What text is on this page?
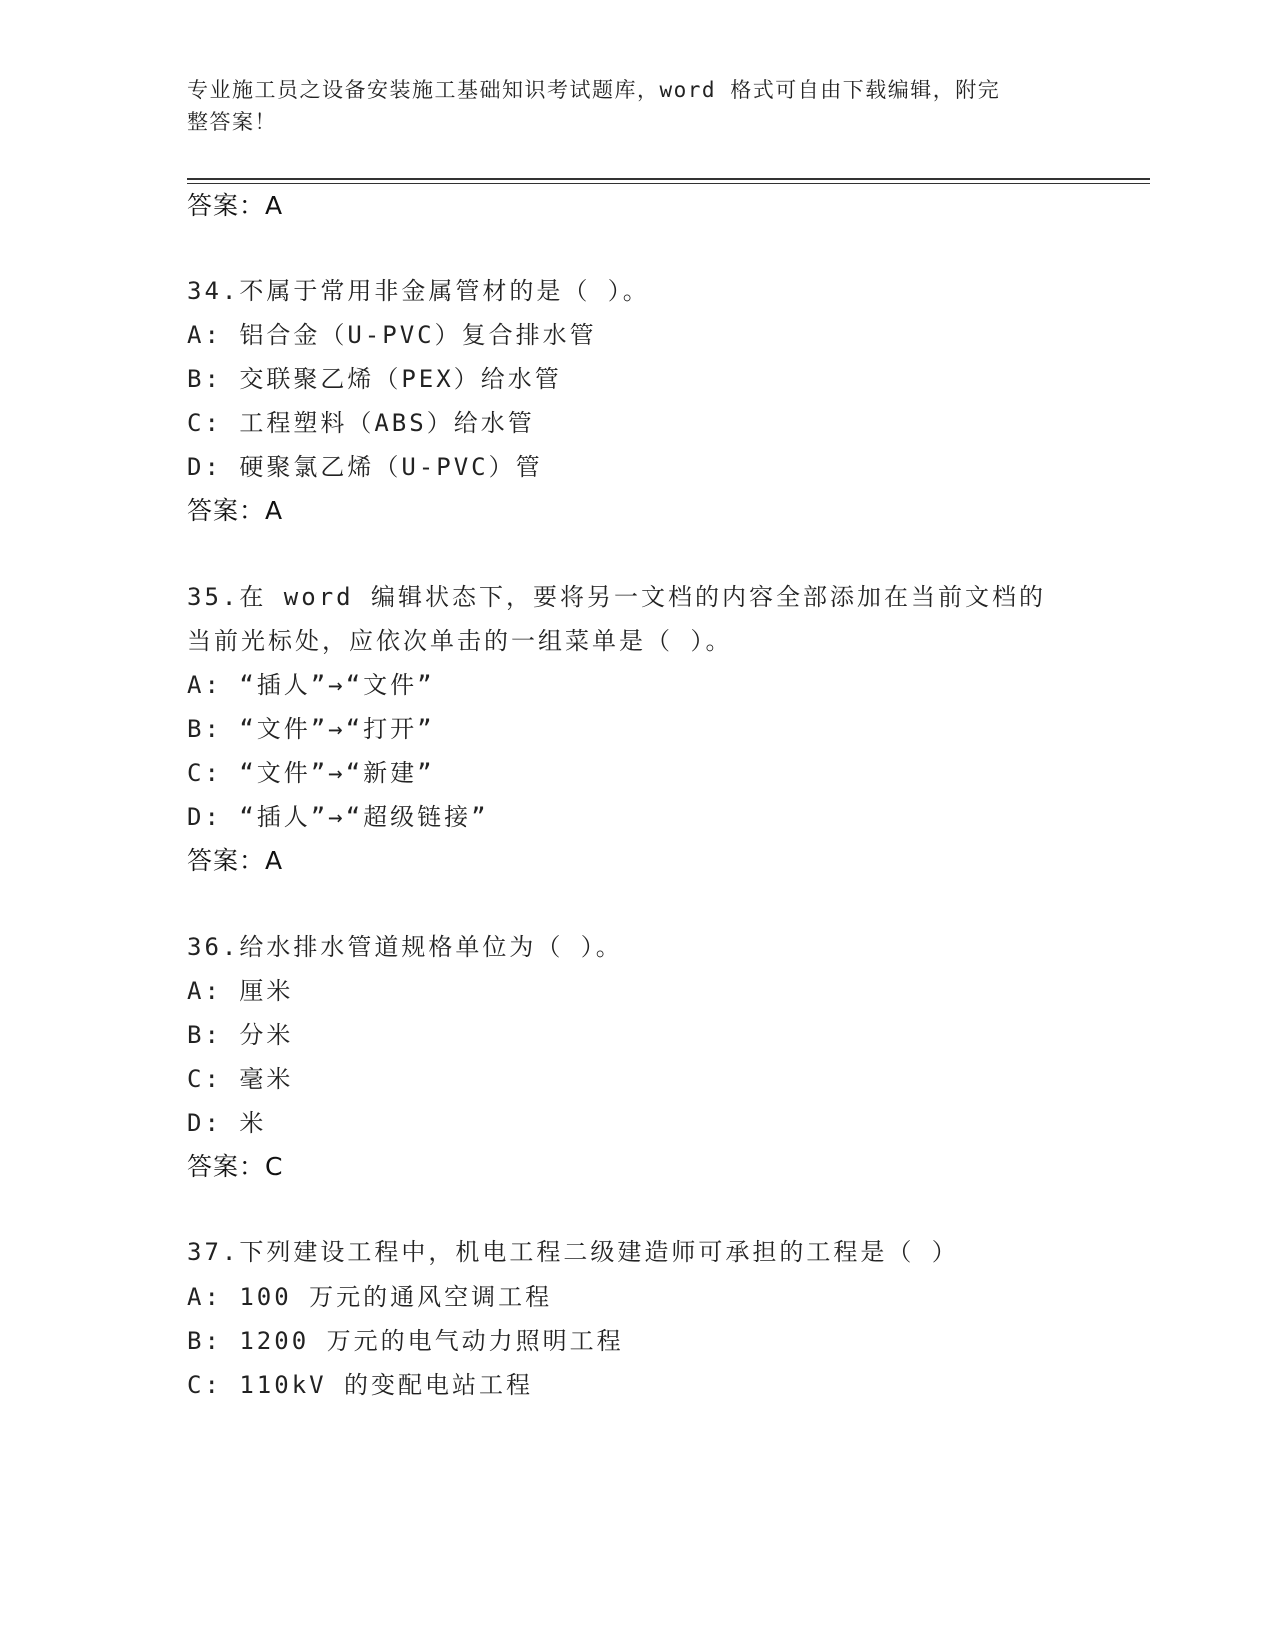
专业施工员之设备安装施工基础知识考试题库，word 格式可自由下载编辑，附完
整答案！
答案：A
34.不属于常用非金属管材的是（ ）。
A: 铝合金（U-PVC）复合排水管
B: 交联聚乙烯（PEX）给水管
C: 工程塑料（ABS）给水管
D: 硬聚氯乙烯（U-PVC）管
答案：A
35.在 word 编辑状态下，要将另一文档的内容全部添加在当前文档的
当前光标处，应依次单击的一组菜单是（ ）。
A: “插人”→“文件”
B: “文件”→“打开”
C: “文件”→“新建”
D: “插人”→“超级链接”
答案：A
36.给水排水管道规格单位为（ ）。
A: 厘米
B: 分米
C: 毫米
D: 米
答案：C
37.下列建设工程中，机电工程二级建造师可承担的工程是（ ）
A: 100 万元的通风空调工程
B: 1200 万元的电气动力照明工程
C: 110kV 的变配电站工程
